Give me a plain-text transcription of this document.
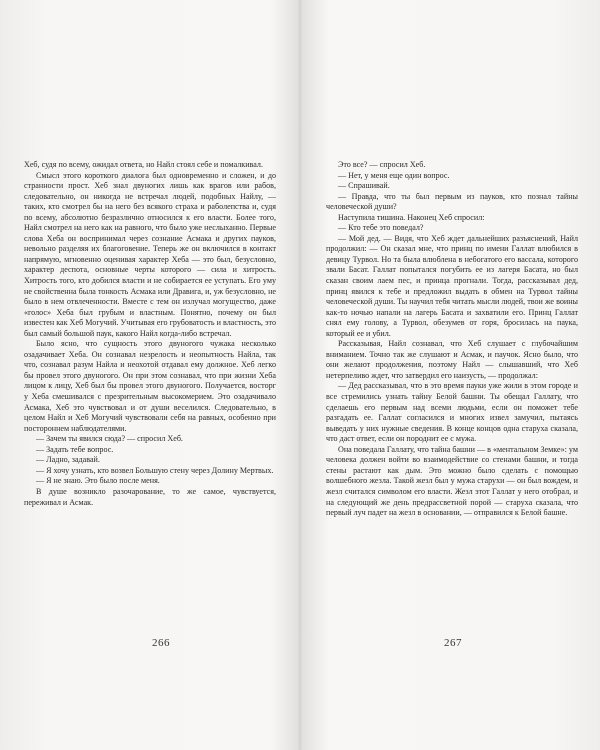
Хеб, судя по всему, ожидал ответа, но Найл стоял себе и помалкивал.

Смысл этого короткого диалога был одновременно и сложен, и до странности прост. Хеб знал двуногих лишь как врагов или рабов, следовательно, он никогда не встречал людей, подобных Найлу, — таких, кто смотрел бы на него без всякого страха и раболепства и, судя по всему, абсолютно безразлично относился к его власти. Более того, Найл смотрел на него как на равного, что было уже неслыханно. Первые слова Хеба он воспринимал через сознание Асмака и других пауков, невольно разделяя их благоговение. Теперь же он включился в контакт напрямую, мгновенно оценивая характер Хеба — это был, безусловно, характер деспота, основные черты которого — сила и хитрость. Хитрость того, кто добился власти и не собирается ее уступать. Его уму не свойственна была тонкость Асмака или Дравига, и, уж безусловно, не было в нем отвлеченности. Вместе с тем он излучал могущество, даже «голос» Хеба был грубым и властным. Понятно, почему он был известен как Хеб Могучий. Учитывая его грубоватость и властность, это был самый большой паук, какого Найл когда-либо встречал.

Было ясно, что сущность этого двуногого чужака несколько озадачивает Хеба. Он сознавал незрелость и неопытность Найла, так что, сознавал разум Найла и неохотой отдавал ему должное. Хеб легко бы провел этого двуногого. Он при этом сознавал, что при жизни Хеба лицом к лицу, Хеб был бы провел этого двуногого. Получается, восторг у Хеба смешивался с презрительным высокомерием. Это озадачивало Асмака, Хеб это чувствовал и от души веселился. Следовательно, в целом Найл и Хеб Могучий чувствовали себя на равных, особенно при постороннем наблюдателями.

— Зачем ты явился сюда? — спросил Хеб.

— Задать тебе вопрос.

— Ладно, задавай.

— Я хочу узнать, кто возвел Большую стену через Долину Мертвых.

— Я не знаю. Это было после меня.

В душе возникло разочарование, то же самое, чувствуется, переживал и Асмак.

266

Это все? — спросил Хеб.

— Нет, у меня еще один вопрос.

— Спрашивай.

— Правда, что ты был первым из пауков, кто познал тайны человеческой души?

Наступила тишина. Наконец Хеб спросил:

— Кто тебе это поведал?

— Мой дед. — Видя, что Хеб ждет дальнейших разъяснений, Найл продолжил: — Он сказал мне, что принц по имени Галлат влюбился в девицу Турвол. Но та была влюблена в небогатого его вассала, которого звали Басат. Галлат попытался погубить ее из лагеря Басата, но был сказан своим лаем пес, и принца прогнали. Тогда, рассказывал дед, принц явился к тебе и предложил выдать в обмен на Турвол тайны человеческой души. Ты научил тебя читать мысли людей, твои же воины как-то ночью напали на лагерь Басата и захватили его. Принц Галлат снял ему голову, а Турвол, обезумев от горя, бросилась на паука, который ее и убил.

Рассказывая, Найл сознавал, что Хеб слушает с глубочайшим вниманием. Точно так же слушают и Асмак, и паучок. Ясно было, что они желают продолжения, поэтому Найл — слышавший, что Хеб нетерпеливо ждет, что затвердил его наизусть, — продолжал:

— Дед рассказывал, что в это время пауки уже жили в этом городе и все стремились узнать тайну Белой башни. Ты обещал Галлату, что сделаешь его первым над всеми людьми, если он поможет тебе разгадать ее. Галлат согласился и многих извел замучил, пытаясь выведать у них нужные сведения. В конце концов одна старуха сказала, что даст ответ, если он породнит ее с мужа.

Она поведала Галлату, что тайна башни — в «ментальном Земке»: ум человека должен войти во взаимодействие со стенами башни, и тогда стены растают как дым. Это можно было сделать с помощью волшебного жезла. Такой жезл был у мужа старухи — он был вождем, и жезл считался символом его власти. Жезл этот Галлат у него отобрал, и на следующий же день предрассветной порой — старуха сказала, что первый луч падет на жезл в основании, — отправился к Белой башне.

267
